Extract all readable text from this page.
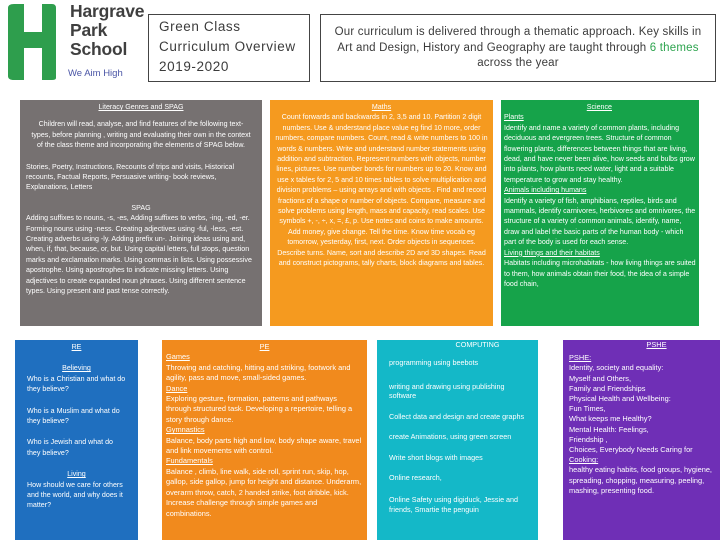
Hargrave
Park
School
We Aim High
Green Class
Curriculum Overview
2019-2020
Our curriculum is delivered through a thematic approach. Key skills in Art and Design, History and Geography are taught through 6 themes across the year
Literacy Genres and SPAG
Children will read, analyse, and find features of the following text-types, before planning , writing and evaluating their own in the context of the class theme and incorporating the elements of SPAG below.
Stories, Poetry, Instructions, Recounts of trips and visits, Historical recounts, Factual Reports, Persuasive writing- book reviews, Explanations, Letters
SPAG
Adding suffixes to nouns, -s, -es, Adding suffixes to verbs, -ing, -ed, -er. Forming nouns using -ness. Creating adjectives using -ful, -less, -est. Creating adverbs using -ly. Adding prefix un-. Joining ideas using and, when, if, that, because, or, but. Using capital letters, full stops, question marks and exclamation marks. Using commas in lists. Using possessive apostrophe. Using apostrophes to indicate missing letters. Using adjectives to create expanded noun phrases. Using different sentence types. Using present and past tense correctly.
Maths
Count forwards and backwards in 2, 3,5 and 10. Partition 2 digit numbers. Use & understand place value eg find 10 more, order numbers, compare numbers. Count, read & write numbers to 100 in words & numbers. Write and understand number statements using addition and subtraction. Represent numbers with objects, number lines, pictures. Use number bonds for numbers up to 20. Know and use x tables for 2, 5 and 10 times tables to solve multiplication and division problems – using arrays and with objects . Find and record fractions of a shape or number of objects. Compare, measure and solve problems using length, mass and capacity, read scales. Use symbols +, -, ÷, x, =, £, p. Use notes and coins to make amounts. Add money, give change. Tell the time. Know time vocab eg tomorrow, yesterday, first, next. Order objects in sequences. Describe turns. Name, sort and describe 2D and 3D shapes. Read and construct pictograms, tally charts, block diagrams and tables.
Science
Plants
Identify and name a variety of common plants, including deciduous and evergreen trees. Structure of common flowering plants, differences between things that are living, dead, and have never been alive, how seeds and bulbs grow into plants, how plants need water, light and a suitable temperature to grow and stay healthy.
Animals including humans
Identify a variety of fish, amphibians, reptiles, birds and mammals, identify carnivores, herbivores and omnivores, the structure of a variety of common animals, identify, name, draw and label the basic parts of the human body - which part of the body is used for each sense.
Living things and their habitats
Habitats including microhabitats - how living things are suited to them, how animals obtain their food, the idea of a simple food chain,
RE
Believing
Who is a Christian and what do they believe?
Who is a Muslim and what do they believe?
Who is Jewish and what do they believe?
Living
How should we care for others and the world, and why does it matter?
PE
Games
Throwing and catching, hitting and striking, footwork and agility, pass and move, small-sided games.
Dance
Exploring gesture, formation, patterns and pathways through structured task. Developing a repertoire, telling a story through dance.
Gymnastics
Balance, body parts high and low, body shape aware, travel and link movements with control.
Fundamentals
Balance , climb, line walk, side roll, sprint run, skip, hop, gallop, side gallop, jump for height and distance. Underarm, overarm throw, catch, 2 handed strike, foot dribble, kick. Increase challenge through simple games and combinations.
COMPUTING
programming using beebots
writing and drawing using publishing software
Collect data and design and create graphs
create Animations, using green screen
Write short blogs with images
Online research,
Online Safety using digiduck, Jessie and friends, Smartie the penguin
PSHE
PSHE:
Identity, society and equality:
Myself and Others,
Family and Friendships
Physical Health and Wellbeing:
Fun Times,
What keeps me Healthy?
Mental Health: Feelings,
Friendship ,
Choices, Everybody Needs Caring for
Cooking:
healthy eating habits, food groups, hygiene, spreading, chopping, measuring, peeling, mashing, presenting food.
